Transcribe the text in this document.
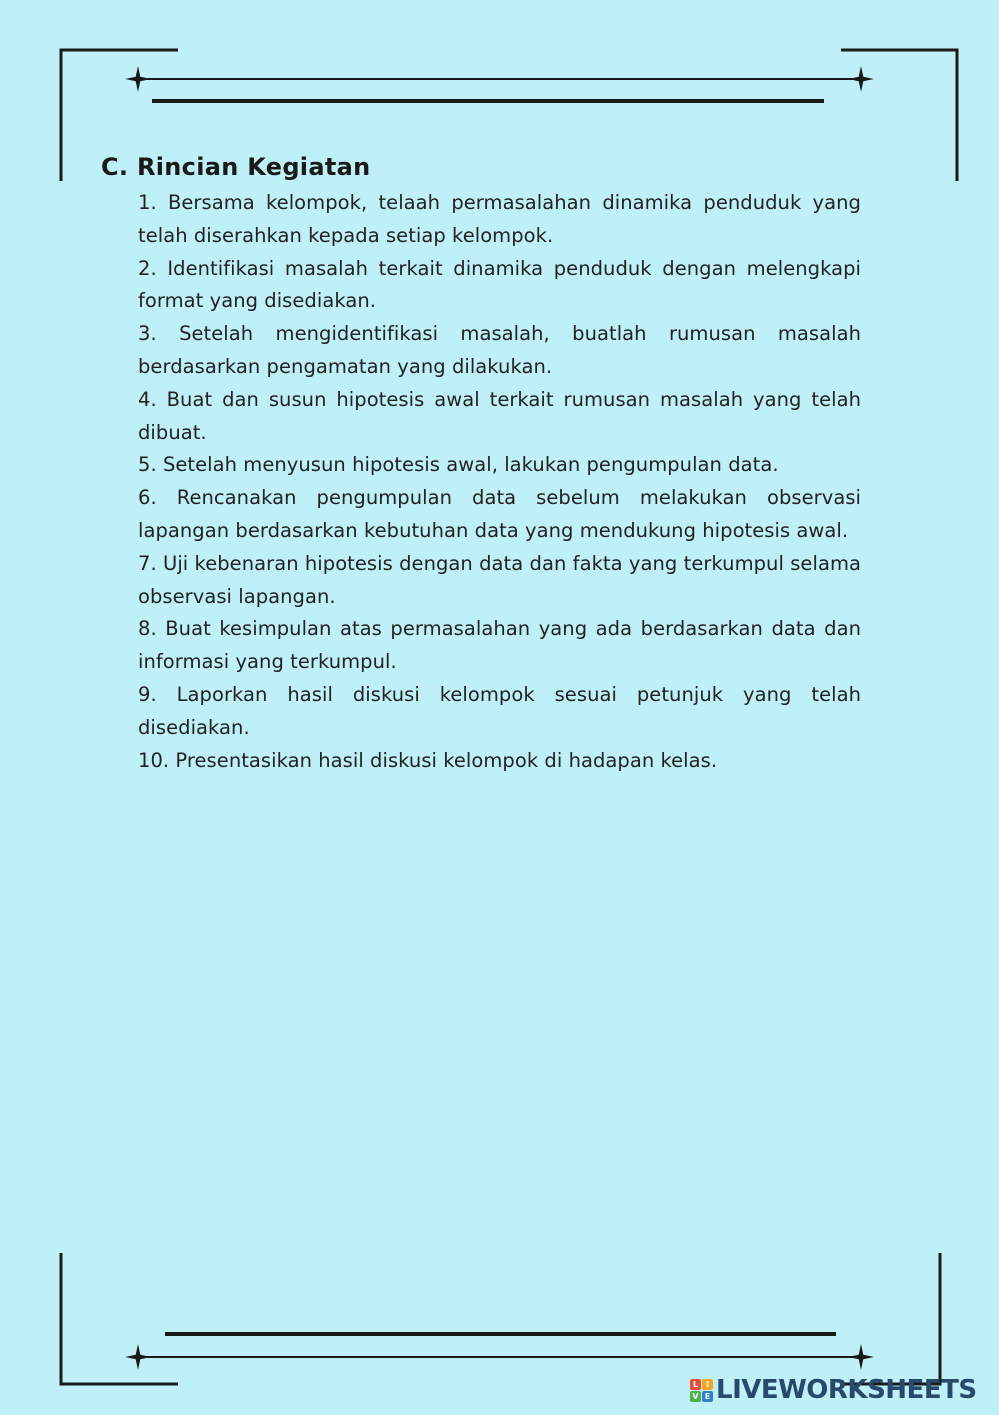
C. Rincian Kegiatan
1. Bersama kelompok, telaah permasalahan dinamika penduduk yang telah diserahkan kepada setiap kelompok.
2. Identifikasi masalah terkait dinamika penduduk dengan melengkapi format yang disediakan.
3. Setelah mengidentifikasi masalah, buatlah rumusan masalah berdasarkan pengamatan yang dilakukan.
4. Buat dan susun hipotesis awal terkait rumusan masalah yang telah dibuat.
5. Setelah menyusun hipotesis awal, lakukan pengumpulan data.
6. Rencanakan pengumpulan data sebelum melakukan observasi lapangan berdasarkan kebutuhan data yang mendukung hipotesis awal.
7. Uji kebenaran hipotesis dengan data dan fakta yang terkumpul selama observasi lapangan.
8. Buat kesimpulan atas permasalahan yang ada berdasarkan data dan informasi yang terkumpul.
9. Laporkan hasil diskusi kelompok sesuai petunjuk yang telah disediakan.
10. Presentasikan hasil diskusi kelompok di hadapan kelas.
L I
V E LIVEWORKSHEETS
